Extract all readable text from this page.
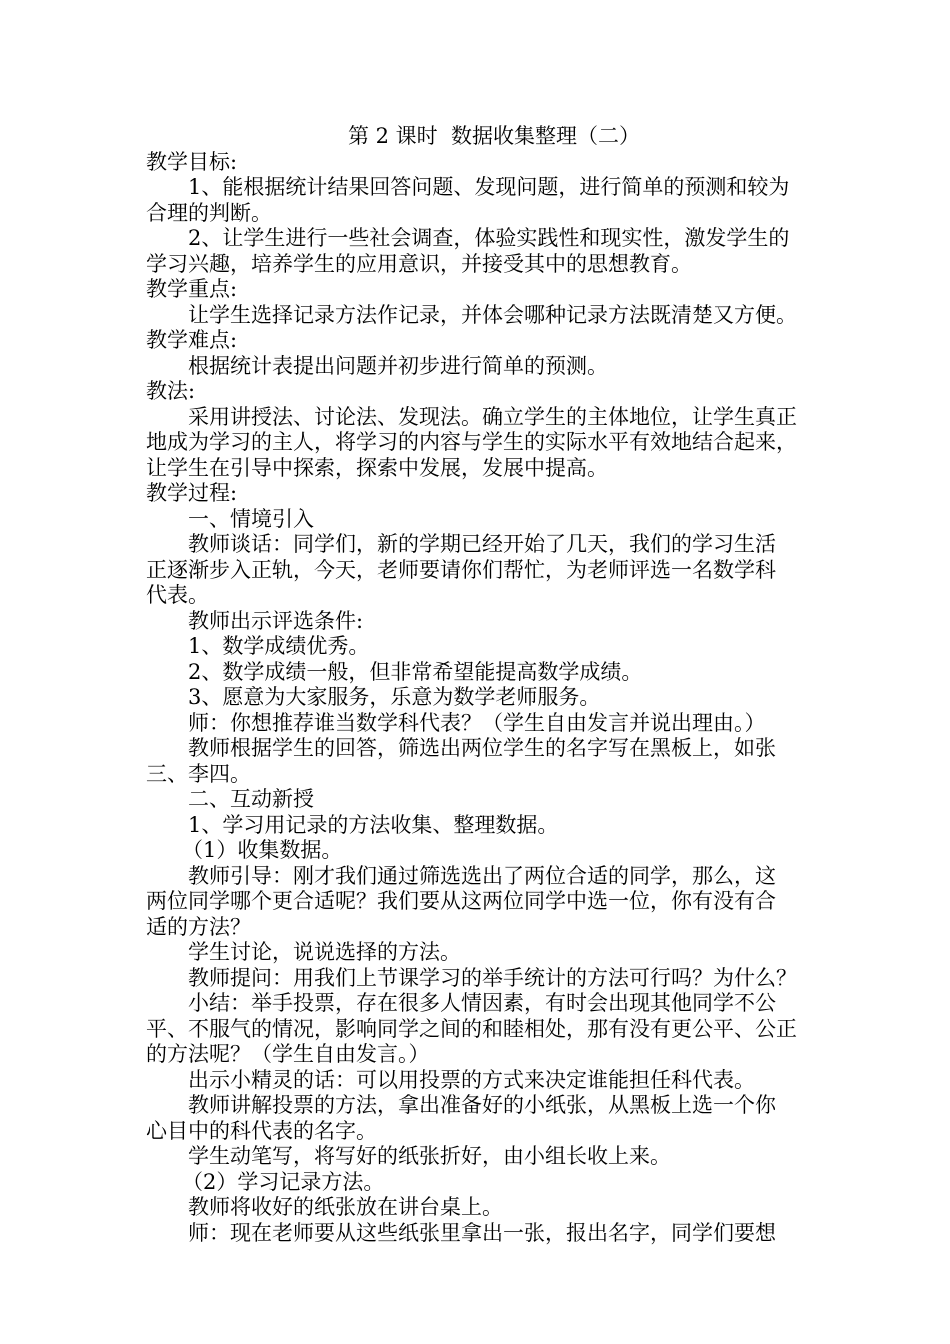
第 2 课时  数据收集整理（二）
教学目标:
1、能根据统计结果回答问题、发现问题，进行简单的预测和较为
合理的判断。
2、让学生进行一些社会调查，体验实践性和现实性，激发学生的
学习兴趣，培养学生的应用意识，并接受其中的思想教育。
教学重点:
让学生选择记录方法作记录，并体会哪种记录方法既清楚又方便。
教学难点:
根据统计表提出问题并初步进行简单的预测。
教法:
采用讲授法、讨论法、发现法。确立学生的主体地位，让学生真正
地成为学习的主人，将学习的内容与学生的实际水平有效地结合起来，
让学生在引导中探索，探索中发展，发展中提高。
教学过程:
一、情境引入
教师谈话：同学们，新的学期已经开始了几天，我们的学习生活
正逐渐步入正轨，今天，老师要请你们帮忙，为老师评选一名数学科
代表。
教师出示评选条件:
1、数学成绩优秀。
2、数学成绩一般，但非常希望能提高数学成绩。
3、愿意为大家服务，乐意为数学老师服务。
师：你想推荐谁当数学科代表？（学生自由发言并说出理由。）
教师根据学生的回答，筛选出两位学生的名字写在黑板上，如张
三、李四。
二、互动新授
1、学习用记录的方法收集、整理数据。
（1）收集数据。
教师引导：刚才我们通过筛选选出了两位合适的同学，那么，这
两位同学哪个更合适呢？我们要从这两位同学中选一位，你有没有合
适的方法？
学生讨论，说说选择的方法。
教师提问：用我们上节课学习的举手统计的方法可行吗？为什么？
小结：举手投票，存在很多人情因素，有时会出现其他同学不公
平、不服气的情况，影响同学之间的和睦相处，那有没有更公平、公正
的方法呢？（学生自由发言。）
出示小精灵的话：可以用投票的方式来决定谁能担任科代表。
教师讲解投票的方法，拿出准备好的小纸张，从黑板上选一个你
心目中的科代表的名字。
学生动笔写，将写好的纸张折好，由小组长收上来。
（2）学习记录方法。
教师将收好的纸张放在讲台桌上。
师：现在老师要从这些纸张里拿出一张，报出名字，同学们要想
